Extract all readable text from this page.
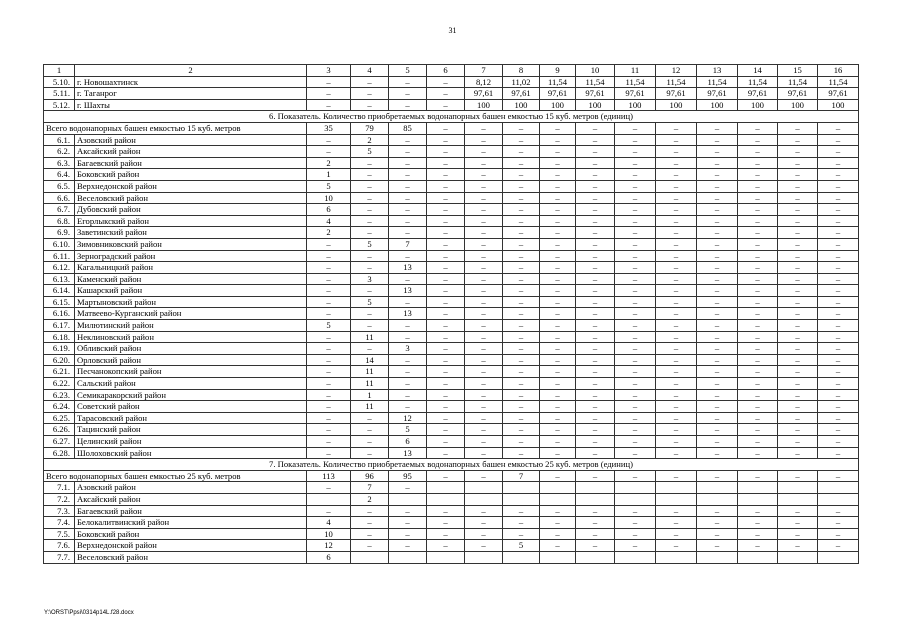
31
1	2	3	4	5	6	7	8	9	10	11	12	13	14	15	16
5.10.	г. Новошахтинск	–	–	–	–	8,12	11,02	11,54	11,54	11,54	11,54	11,54	11,54	11,54	11,54
5.11.	г. Таганрог	–	–	–	–	97,61	97,61	97,61	97,61	97,61	97,61	97,61	97,61	97,61	97,61
5.12.	г. Шахты	–	–	–	–	100	100	100	100	100	100	100	100	100	100
6. Показатель. Количество приобретаемых водонапорных башен емкостью 15 куб. метров (единиц)															
Всего водонапорных башен емкостью 15 куб. метров		35	79	85	–	–	–	–	–	–	–	–	–	–	–
6.1.	Азовский район	–	2	–	–	–	–	–	–	–	–	–	–	–	–
6.2.	Аксайский район	–	5	–	–	–	–	–	–	–	–	–	–	–	–
6.3.	Багаевский район	2	–	–	–	–	–	–	–	–	–	–	–	–	–
6.4.	Боковский район	1	–	–	–	–	–	–	–	–	–	–	–	–	–
6.5.	Верхнедонской район	5	–	–	–	–	–	–	–	–	–	–	–	–	–
6.6.	Веселовский район	10	–	–	–	–	–	–	–	–	–	–	–	–	–
6.7.	Дубовский район	6	–	–	–	–	–	–	–	–	–	–	–	–	–
6.8.	Егорлыкский район	4	–	–	–	–	–	–	–	–	–	–	–	–	–
6.9.	Заветинский район	2	–	–	–	–	–	–	–	–	–	–	–	–	–
6.10.	Зимовниковский район	–	5	7	–	–	–	–	–	–	–	–	–	–	–
6.11.	Зерноградский район	–	–	–	–	–	–	–	–	–	–	–	–	–	–
6.12.	Кагальницкий район	–	–	13	–	–	–	–	–	–	–	–	–	–	–
6.13.	Каменский район	–	3	–	–	–	–	–	–	–	–	–	–	–	–
6.14.	Кашарский район	–	–	13	–	–	–	–	–	–	–	–	–	–	–
6.15.	Мартыновский район	–	5	–	–	–	–	–	–	–	–	–	–	–	–
6.16.	Матвеево-Курганский район	–	–	13	–	–	–	–	–	–	–	–	–	–	–
6.17.	Милютинский район	5	–	–	–	–	–	–	–	–	–	–	–	–	–
6.18.	Неклиновский район	–	11	–	–	–	–	–	–	–	–	–	–	–	–
6.19.	Обливский район	–	–	3	–	–	–	–	–	–	–	–	–	–	–
6.20.	Орловский район	–	14	–	–	–	–	–	–	–	–	–	–	–	–
6.21.	Песчанокопский район	–	11	–	–	–	–	–	–	–	–	–	–	–	–
6.22.	Сальский район	–	11	–	–	–	–	–	–	–	–	–	–	–	–
6.23.	Семикаракорский район	–	1	–	–	–	–	–	–	–	–	–	–	–	–
6.24.	Советский район	–	11	–	–	–	–	–	–	–	–	–	–	–	–
6.25.	Тарасовский район	–	–	12	–	–	–	–	–	–	–	–	–	–	–
6.26.	Тацинский район	–	–	5	–	–	–	–	–	–	–	–	–	–	–
6.27.	Целинский район	–	–	6	–	–	–	–	–	–	–	–	–	–	–
6.28.	Шолоховский район	–	–	13	–	–	–	–	–	–	–	–	–	–	–
7. Показатель. Количество приобретаемых водонапорных башен емкостью 25 куб. метров (единиц)															
Всего водонапорных башен емкостью 25 куб. метров		113	96	95	–	–	7	–	–	–	–	–	–	–	–
7.1.	Азовский район	–	7	–											
7.2.	Аксайский район		2												
7.3.	Багаевский район	–	–	–	–	–	–	–	–	–	–	–	–	–	–
7.4.	Белокалитвинский район	4	–	–	–	–	–	–	–	–	–	–	–	–	–
7.5.	Боковский район	10	–	–	–	–	–	–	–	–	–	–	–	–	–
7.6.	Верхнедонской район	12	–	–	–	–	5	–	–	–	–	–	–	–	–
7.7.	Веселовский район	6													
Y:\ORST\Ppsi\0314p14L.f28.docx
